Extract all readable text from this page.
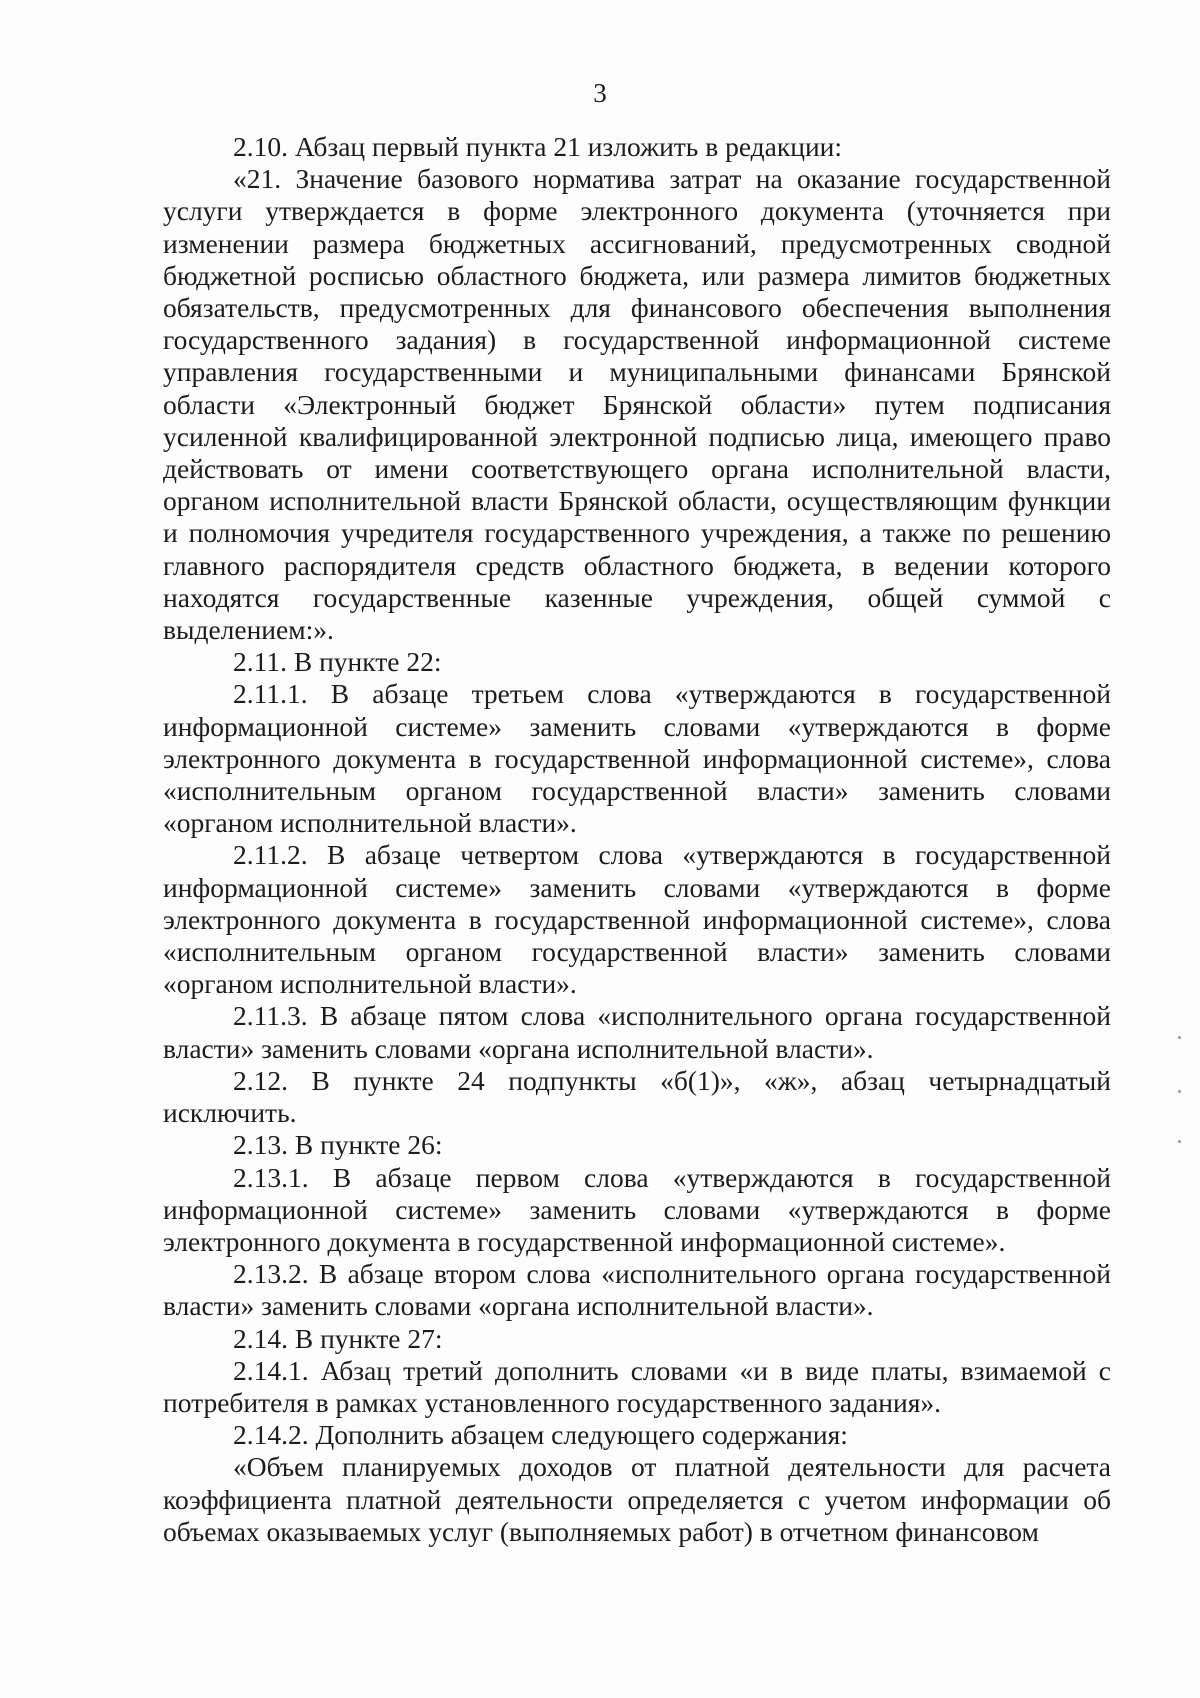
3

2.10. Абзац первый пункта 21 изложить в редакции:

«21. Значение базового норматива затрат на оказание государственной услуги утверждается в форме электронного документа (уточняется при изменении размера бюджетных ассигнований, предусмотренных сводной бюджетной росписью областного бюджета, или размера лимитов бюджетных обязательств, предусмотренных для финансового обеспечения выполнения государственного задания) в государственной информационной системе управления государственными и муниципальными финансами Брянской области «Электронный бюджет Брянской области» путем подписания усиленной квалифицированной электронной подписью лица, имеющего право действовать от имени соответствующего органа исполнительной власти, органом исполнительной власти Брянской области, осуществляющим функции и полномочия учредителя государственного учреждения, а также по решению главного распорядителя средств областного бюджета, в ведении которого находятся государственные казенные учреждения, общей суммой с выделением:».

2.11. В пункте 22:

2.11.1. В абзаце третьем слова «утверждаются в государственной информационной системе» заменить словами «утверждаются в форме электронного документа в государственной информационной системе», слова «исполнительным органом государственной власти» заменить словами «органом исполнительной власти».

2.11.2. В абзаце четвертом слова «утверждаются в государственной информационной системе» заменить словами «утверждаются в форме электронного документа в государственной информационной системе», слова «исполнительным органом государственной власти» заменить словами «органом исполнительной власти».

2.11.3. В абзаце пятом слова «исполнительного органа государственной власти» заменить словами «органа исполнительной власти».

2.12. В пункте 24 подпункты «б(1)», «ж», абзац четырнадцатый исключить.

2.13. В пункте 26:

2.13.1. В абзаце первом слова «утверждаются в государственной информационной системе» заменить словами «утверждаются в форме электронного документа в государственной информационной системе».

2.13.2. В абзаце втором слова «исполнительного органа государственной власти» заменить словами «органа исполнительной власти».

2.14. В пункте 27:

2.14.1. Абзац третий дополнить словами «и в виде платы, взимаемой с потребителя в рамках установленного государственного задания».

2.14.2. Дополнить абзацем следующего содержания:

«Объем планируемых доходов от платной деятельности для расчета коэффициента платной деятельности определяется с учетом информации об объемах оказываемых услуг (выполняемых работ) в отчетном финансовом
